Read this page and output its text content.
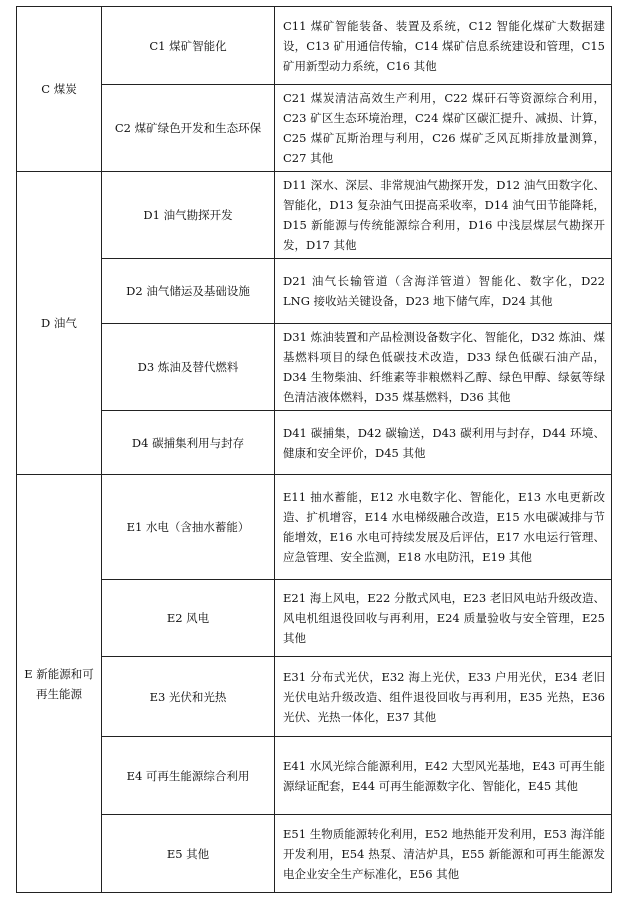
C 煤炭	C1 煤矿智能化	C11 煤矿智能装备、装置及系统，C12 智能化煤矿大数据建设，C13 矿用通信传输，C14 煤矿信息系统建设和管理，C15 矿用新型动力系统，C16 其他
	C2 煤矿绿色开发和生态环保	C21 煤炭清洁高效生产利用，C22 煤矸石等资源综合利用，C23 矿区生态环境治理，C24 煤矿区碳汇提升、减损、计算，C25 煤矿瓦斯治理与利用，C26 煤矿乏风瓦斯排放量测算，C27 其他
D 油气	D1 油气勘探开发	D11 深水、深层、非常规油气勘探开发，D12 油气田数字化、智能化，D13 复杂油气田提高采收率，D14 油气田节能降耗，D15 新能源与传统能源综合利用，D16 中浅层煤层气勘探开发，D17 其他
	D2 油气储运及基础设施	D21 油气长输管道（含海洋管道）智能化、数字化，D22 LNG 接收站关键设备，D23 地下储气库，D24 其他
	D3 炼油及替代燃料	D31 炼油装置和产品检测设备数字化、智能化，D32 炼油、煤基燃料项目的绿色低碳技术改造，D33 绿色低碳石油产品，D34 生物柴油、纤维素等非粮燃料乙醇、绿色甲醇、绿氨等绿色清洁液体燃料，D35 煤基燃料，D36 其他
	D4 碳捕集利用与封存	D41 碳捕集，D42 碳输送，D43 碳利用与封存，D44 环境、健康和安全评价，D45 其他
E 新能源和可再生能源	E1 水电（含抽水蓄能）	E11 抽水蓄能，E12 水电数字化、智能化，E13 水电更新改造、扩机增容，E14 水电梯级融合改造，E15 水电碳减排与节能增效，E16 水电可持续发展及后评估，E17 水电运行管理、应急管理、安全监测，E18 水电防汛，E19 其他
	E2 风电	E21 海上风电，E22 分散式风电，E23 老旧风电站升级改造、风电机组退役回收与再利用，E24 质量验收与安全管理，E25 其他
	E3 光伏和光热	E31 分布式光伏，E32 海上光伏，E33 户用光伏，E34 老旧光伏电站升级改造、组件退役回收与再利用，E35 光热，E36 光伏、光热一体化，E37 其他
	E4 可再生能源综合利用	E41 水风光综合能源利用，E42 大型风光基地，E43 可再生能源绿证配套，E44 可再生能源数字化、智能化，E45 其他
	E5 其他	E51 生物质能源转化利用，E52 地热能开发利用，E53 海洋能开发利用，E54 热泵、清洁炉具，E55 新能源和可再生能源发电企业安全生产标准化，E56 其他
